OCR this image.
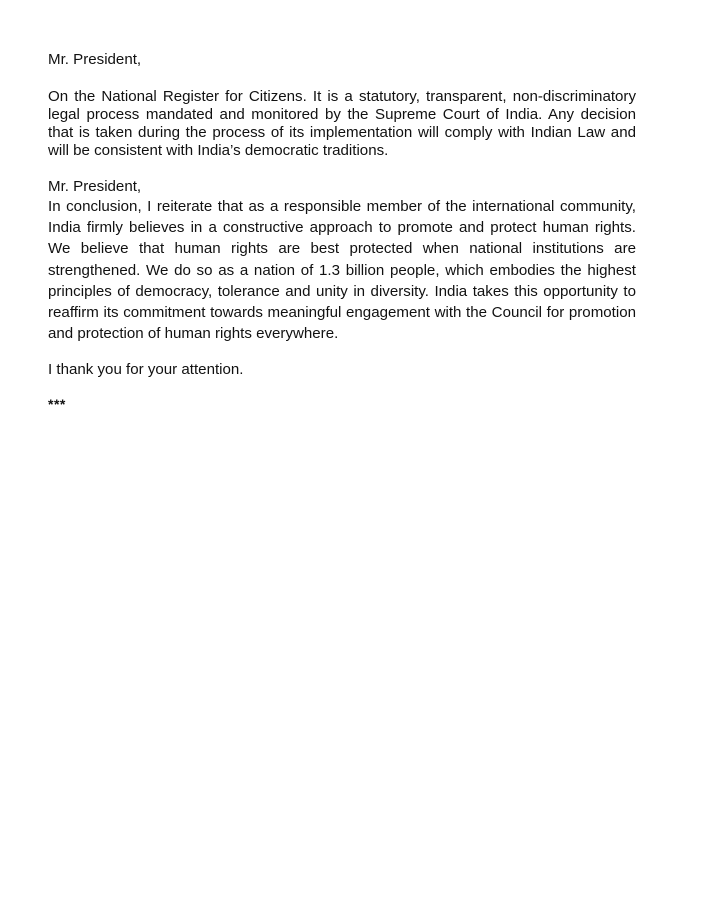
Mr. President,

On the National Register for Citizens. It is a statutory, transparent, non-discriminatory legal process mandated and monitored by the Supreme Court of India. Any decision that is taken during the process of its implementation will comply with Indian Law and will be consistent with India’s democratic traditions.

Mr. President,

In conclusion, I reiterate that as a responsible member of the international community, India firmly believes in a constructive approach to promote and protect human rights. We believe that human rights are best protected when national institutions are strengthened. We do so as a nation of 1.3 billion people, which embodies the highest principles of democracy, tolerance and unity in diversity. India takes this opportunity to reaffirm its commitment towards meaningful engagement with the Council for promotion and protection of human rights everywhere.

I thank you for your attention.

***
